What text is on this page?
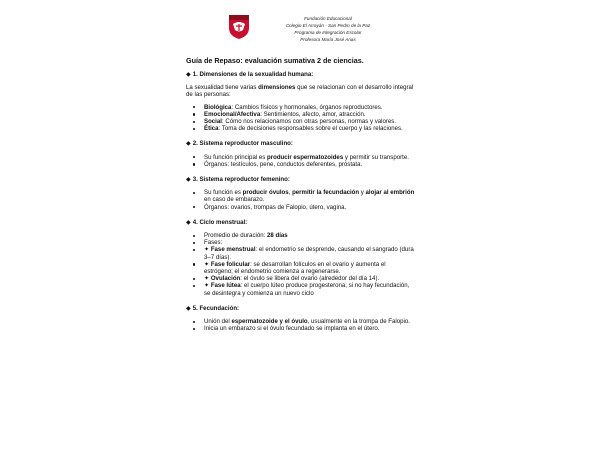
Fundación Educacional
Colegio El Arrayán - San Pedro de la Paz
Programa de Integración Escolar
Profesora María José Arias
Guía de Repaso: evaluación sumativa 2 de ciencias.
◆ 1. Dimensiones de la sexualidad humana:

La sexualidad tiene varias dimensiones que se relacionan con el desarrollo integral de las personas:

Biológica: Cambios físicos y hormonales, órganos reproductores.
Emocional/Afectiva: Sentimientos, afecto, amor, atracción.
Social: Cómo nos relacionamos con otras personas, normas y valores.
Ética: Toma de decisiones responsables sobre el cuerpo y las relaciones.
◆ 2. Sistema reproductor masculino:
Su función principal es producir espermatozoides y permitir su transporte.
Órganos: testículos, pene, conductos deferentes, próstata.
◆ 3. Sistema reproductor femenino:
Su función es producir óvulos, permitir la fecundación y alojar al embrión en caso de embarazo.
Órganos: ovarios, trompas de Falopio, útero, vagina.
◆ 4. Ciclo menstrual:
Promedio de duración: 28 días
Fases:
✦ Fase menstrual: el endometrio se desprende, causando el sangrado (dura 3–7 días).
✦ Fase folicular: se desarrollan folículos en el ovario y aumenta el estrógeno; el endometrio comienza a regenerarse.
✦ Ovulación: el óvulo se libera del ovario (alrededor del día 14).
✦ Fase lútea: el cuerpo lúteo produce progesterona; si no hay fecundación, se desintegra y comienza un nuevo ciclo
◆ 5. Fecundación:
Unión del espermatozoide y el óvulo, usualmente en la trompa de Falopio.
Inicia un embarazo si el óvulo fecundado se implanta en el útero.
